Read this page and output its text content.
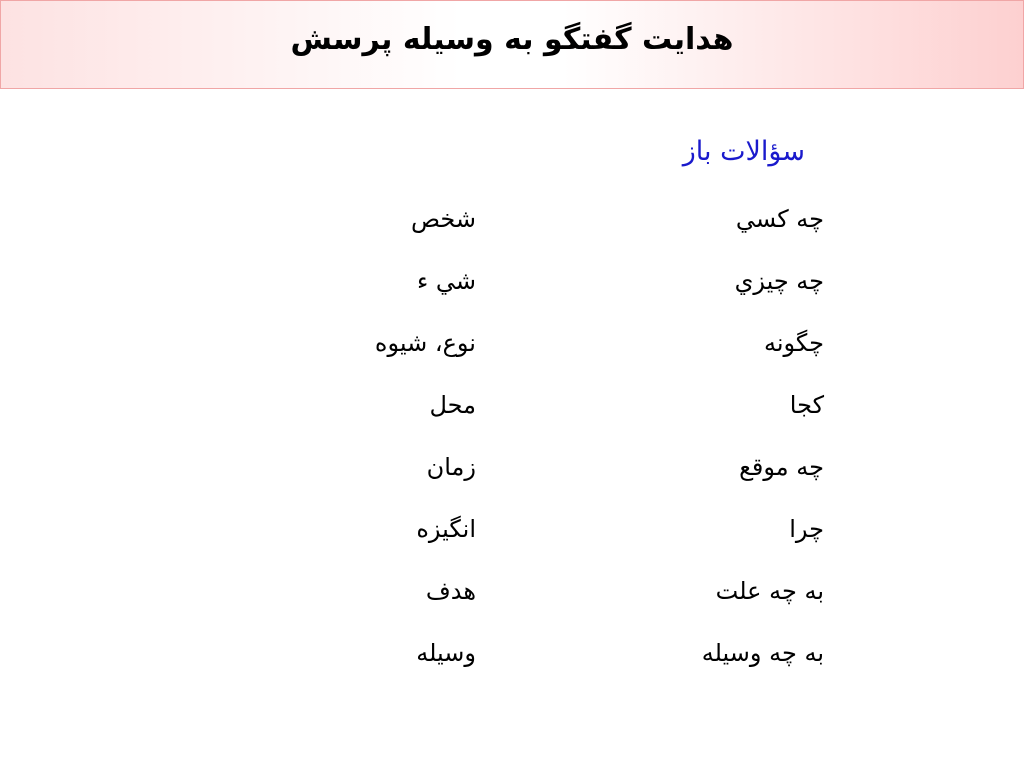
هدايت گفتگو به وسيله پرسش
سؤالات باز
چه كسي
شخص
چه چيزي
شي ء
چگونه
نوع، شيوه
كجا
محل
چه موقع
زمان
چرا
انگيزه
به چه علت
هدف
به چه وسيله
وسيله
